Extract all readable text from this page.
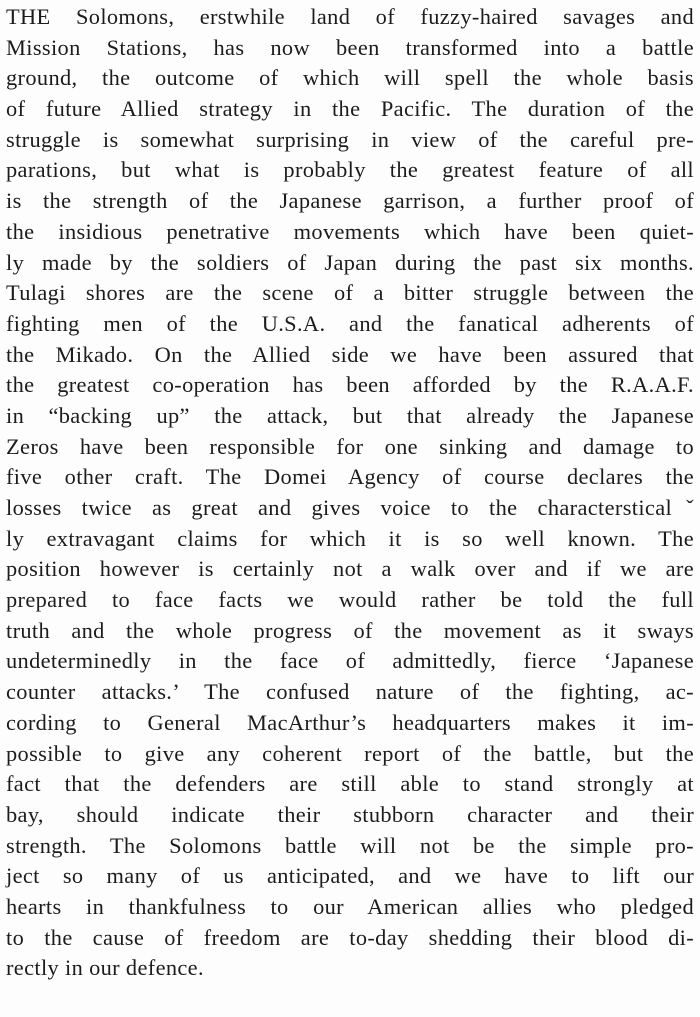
THE Solomons, erstwhile land of fuzzy-haired savages and
Mission Stations, has now been transformed into a battle
ground, the outcome of which will spell the whole basis
of future Allied strategy in the Pacific. The duration of the
struggle is somewhat surprising in view of the careful pre-
parations, but what is probably the greatest feature of all
is the strength of the Japanese garrison, a further proof of
the insidious penetrative movements which have been quiet-
ly made by the soldiers of Japan during the past six months.
Tulagi shores are the scene of a bitter struggle between the
fighting men of the U.S.A. and the fanatical adherents of
the Mikado. On the Allied side we have been assured that
the greatest co-operation has been afforded by the R.A.A.F.
in “backing up” the attack, but that already the Japanese
Zeros have been responsible for one sinking and damage to
five other craft. The Domei Agency of course declares the
losses twice as great and gives voice to the charactersticalˇ
ly extravagant claims for which it is so well known. The
position however is certainly not a walk over and if we are
prepared to face facts we would rather be told the full
truth and the whole progress of the movement as it sways
undeterminedly in the face of admittedly, fierce ‘Japanese
counter attacks.’ The confused nature of the fighting, ac-
cording to General MacArthur’s headquarters makes it im-
possible to give any coherent report of the battle, but the
fact that the defenders are still able to stand strongly at
bay, should indicate their stubborn character and their
strength. The Solomons battle will not be the simple pro-
ject so many of us anticipated, and we have to lift our
hearts in thankfulness to our American allies who pledged
to the cause of freedom are to-day shedding their blood di-
rectly in our defence.
